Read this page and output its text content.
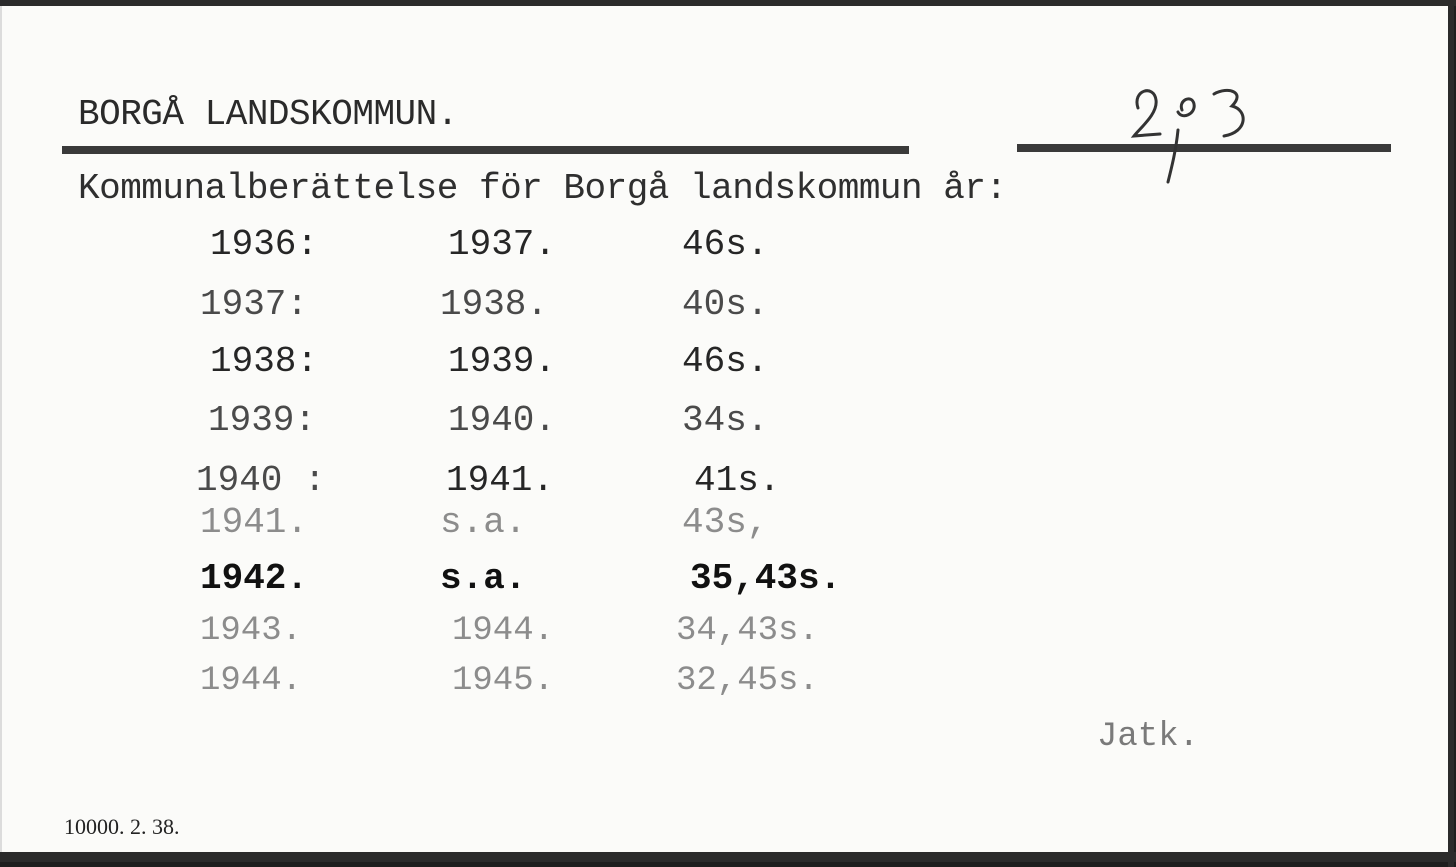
BORGÅ LANDSKOMMUN.
Kommunalberättelse för Borgå landskommun år:
1936:	1937.	46s.
1937:	1938.	40s.
1938:	1939.	46s.
1939:	1940.	34s.
1940 :	1941.	41s.
1941.	s.a.	43s,
1942.	s.a.	35,43s.
1943.	1944.	34,43s.
1944.	1945.	32,45s.
Jatk.
10000. 2. 38.
